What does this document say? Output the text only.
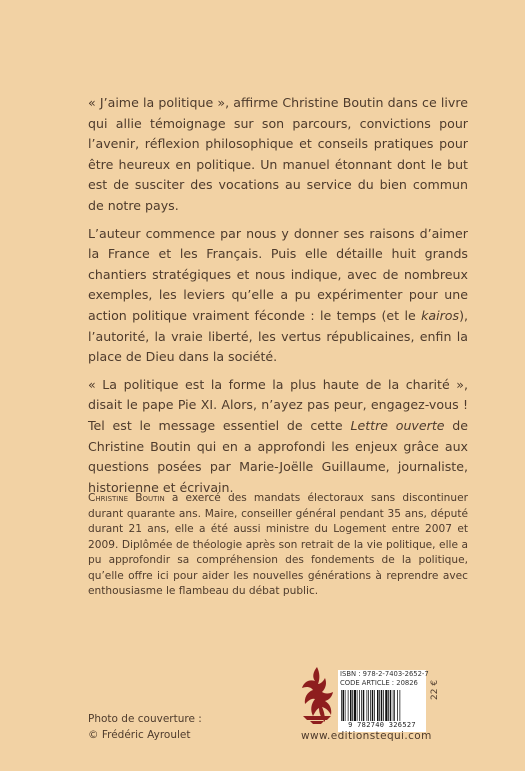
« J’aime la politique », affirme Christine Boutin dans ce livre qui allie témoignage sur son parcours, convictions pour l’avenir, réflexion philosophique et conseils pratiques pour être heureux en politique. Un manuel étonnant dont le but est de susciter des vocations au service du bien commun de notre pays.

L’auteur commence par nous y donner ses raisons d’aimer la France et les Français. Puis elle détaille huit grands chantiers stratégiques et nous indique, avec de nombreux exemples, les leviers qu’elle a pu expérimenter pour une action politique vraiment féconde : le temps (et le kairos), l’autorité, la vraie liberté, les vertus républicaines, enfin la place de Dieu dans la société.

« La politique est la forme la plus haute de la charité », disait le pape Pie XI. Alors, n’ayez pas peur, engagez-vous ! Tel est le message essentiel de cette Lettre ouverte de Christine Boutin qui en a approfondi les enjeux grâce aux questions posées par Marie-Joëlle Guillaume, journaliste, historienne et écrivain.

Christine Boutin a exercé des mandats électoraux sans discontinuer durant quarante ans. Maire, conseiller général pendant 35 ans, député durant 21 ans, elle a été aussi ministre du Logement entre 2007 et 2009. Diplômée de théologie après son retrait de la vie politique, elle a pu approfondir sa compréhension des fondements de la politique, qu’elle offre ici pour aider les nouvelles générations à reprendre avec enthousiasme le flambeau du débat public.

Photo de couverture :
© Frédéric Ayroulet
ISBN : 978-2-7403-2652-7
CODE ARTICLE : 20826
9 782740 326527
22 €
www.editionstequi.com
